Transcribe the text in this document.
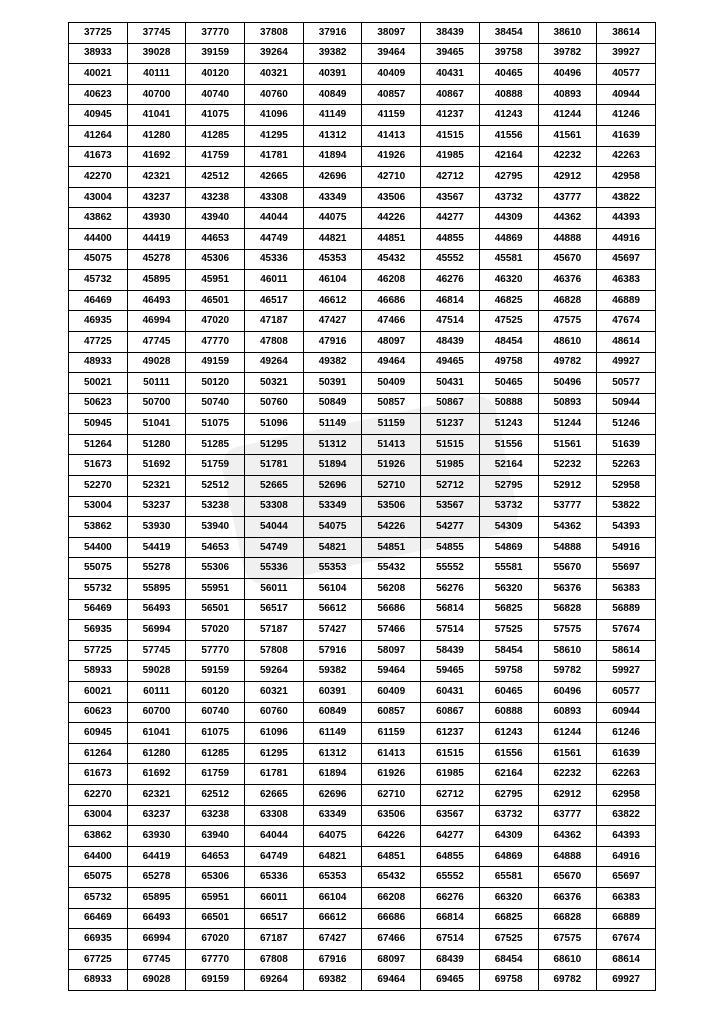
37725	37745	37770	37808	37916	38097	38439	38454	38610	38614
38933	39028	39159	39264	39382	39464	39465	39758	39782	39927
40021	40111	40120	40321	40391	40409	40431	40465	40496	40577
40623	40700	40740	40760	40849	40857	40867	40888	40893	40944
40945	41041	41075	41096	41149	41159	41237	41243	41244	41246
41264	41280	41285	41295	41312	41413	41515	41556	41561	41639
41673	41692	41759	41781	41894	41926	41985	42164	42232	42263
42270	42321	42512	42665	42696	42710	42712	42795	42912	42958
43004	43237	43238	43308	43349	43506	43567	43732	43777	43822
43862	43930	43940	44044	44075	44226	44277	44309	44362	44393
44400	44419	44653	44749	44821	44851	44855	44869	44888	44916
45075	45278	45306	45336	45353	45432	45552	45581	45670	45697
45732	45895	45951	46011	46104	46208	46276	46320	46376	46383
46469	46493	46501	46517	46612	46686	46814	46825	46828	46889
46935	46994	47020	47187	47427	47466	47514	47525	47575	47674
47725	47745	47770	47808	47916	48097	48439	48454	48610	48614
48933	49028	49159	49264	49382	49464	49465	49758	49782	49927
50021	50111	50120	50321	50391	50409	50431	50465	50496	50577
50623	50700	50740	50760	50849	50857	50867	50888	50893	50944
50945	51041	51075	51096	51149	51159	51237	51243	51244	51246
51264	51280	51285	51295	51312	51413	51515	51556	51561	51639
51673	51692	51759	51781	51894	51926	51985	52164	52232	52263
52270	52321	52512	52665	52696	52710	52712	52795	52912	52958
53004	53237	53238	53308	53349	53506	53567	53732	53777	53822
53862	53930	53940	54044	54075	54226	54277	54309	54362	54393
54400	54419	54653	54749	54821	54851	54855	54869	54888	54916
55075	55278	55306	55336	55353	55432	55552	55581	55670	55697
55732	55895	55951	56011	56104	56208	56276	56320	56376	56383
56469	56493	56501	56517	56612	56686	56814	56825	56828	56889
56935	56994	57020	57187	57427	57466	57514	57525	57575	57674
57725	57745	57770	57808	57916	58097	58439	58454	58610	58614
58933	59028	59159	59264	59382	59464	59465	59758	59782	59927
60021	60111	60120	60321	60391	60409	60431	60465	60496	60577
60623	60700	60740	60760	60849	60857	60867	60888	60893	60944
60945	61041	61075	61096	61149	61159	61237	61243	61244	61246
61264	61280	61285	61295	61312	61413	61515	61556	61561	61639
61673	61692	61759	61781	61894	61926	61985	62164	62232	62263
62270	62321	62512	62665	62696	62710	62712	62795	62912	62958
63004	63237	63238	63308	63349	63506	63567	63732	63777	63822
63862	63930	63940	64044	64075	64226	64277	64309	64362	64393
64400	64419	64653	64749	64821	64851	64855	64869	64888	64916
65075	65278	65306	65336	65353	65432	65552	65581	65670	65697
65732	65895	65951	66011	66104	66208	66276	66320	66376	66383
66469	66493	66501	66517	66612	66686	66814	66825	66828	66889
66935	66994	67020	67187	67427	67466	67514	67525	67575	67674
67725	67745	67770	67808	67916	68097	68439	68454	68610	68614
68933	69028	69159	69264	69382	69464	69465	69758	69782	69927
